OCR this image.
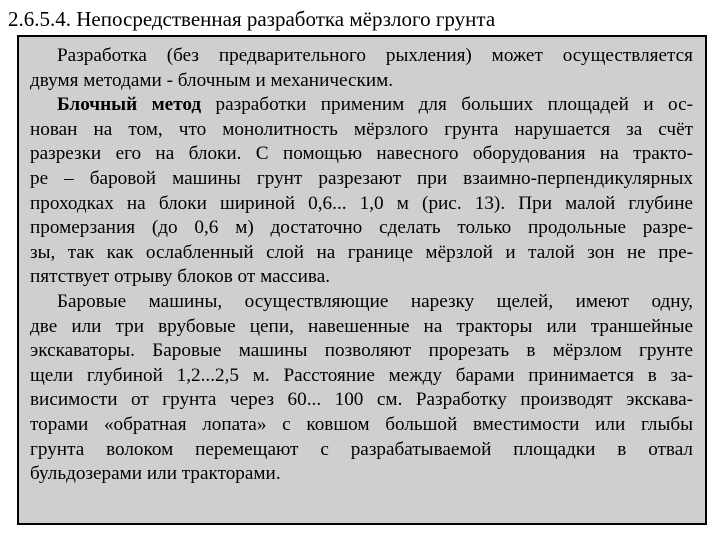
2.6.5.4. Непосредственная разработка мёрзлого грунта
Разработка (без предварительного рыхления) может осуществляется
двумя методами - блочным и механическим.
Блочный метод разработки применим для больших площадей и ос-
нован на том, что монолитность мёрзлого грунта нарушается за счёт
разрезки его на блоки. С помощью навесного оборудования на тракто-
ре – баровой машины грунт разрезают при взаимно-перпендикулярных
проходках на блоки шириной 0,6... 1,0 м (рис. 13). При малой глубине
промерзания (до 0,6 м) достаточно сделать только продольные разре-
зы, так как ослабленный слой на границе мёрзлой и талой зон не пре-
пятствует отрыву блоков от массива.
Баровые машины, осуществляющие нарезку щелей, имеют одну,
две или три врубовые цепи, навешенные на тракторы или траншейные
экскаваторы. Баровые машины позволяют прорезать в мёрзлом грунте
щели глубиной 1,2...2,5 м. Расстояние между барами принимается в за-
висимости от грунта через 60... 100 см. Разработку производят экскава-
торами «обратная лопата» с ковшом большой вместимости или глыбы
грунта волоком перемещают с разрабатываемой площадки в отвал
бульдозерами или тракторами.
